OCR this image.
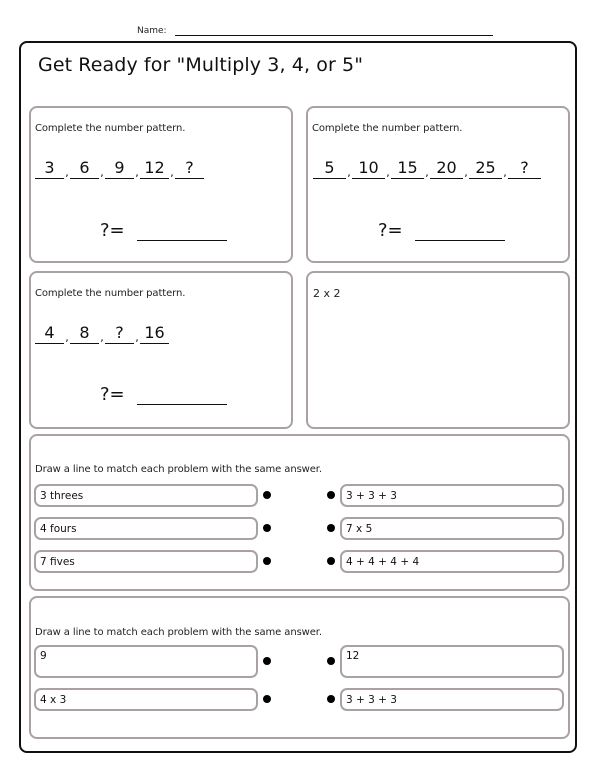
Name:
Get Ready for "Multiply 3, 4, or 5"
Complete the number pattern.
3 , 6 , 9 , 12 , ?
?=
Complete the number pattern.
5	, 10 , 15 , 20 , 25 , ?
?=
Complete the number pattern.
4 , 8 , ?	, 16
?=
2 x 2
Draw a line to match each problem with the same answer.
3 threes	3 + 3 + 3
4 fours	7 x 5
7 fives	4 + 4 + 4 + 4
Draw a line to match each problem with the same answer.
9	12
4 x 3	3 + 3 + 3
